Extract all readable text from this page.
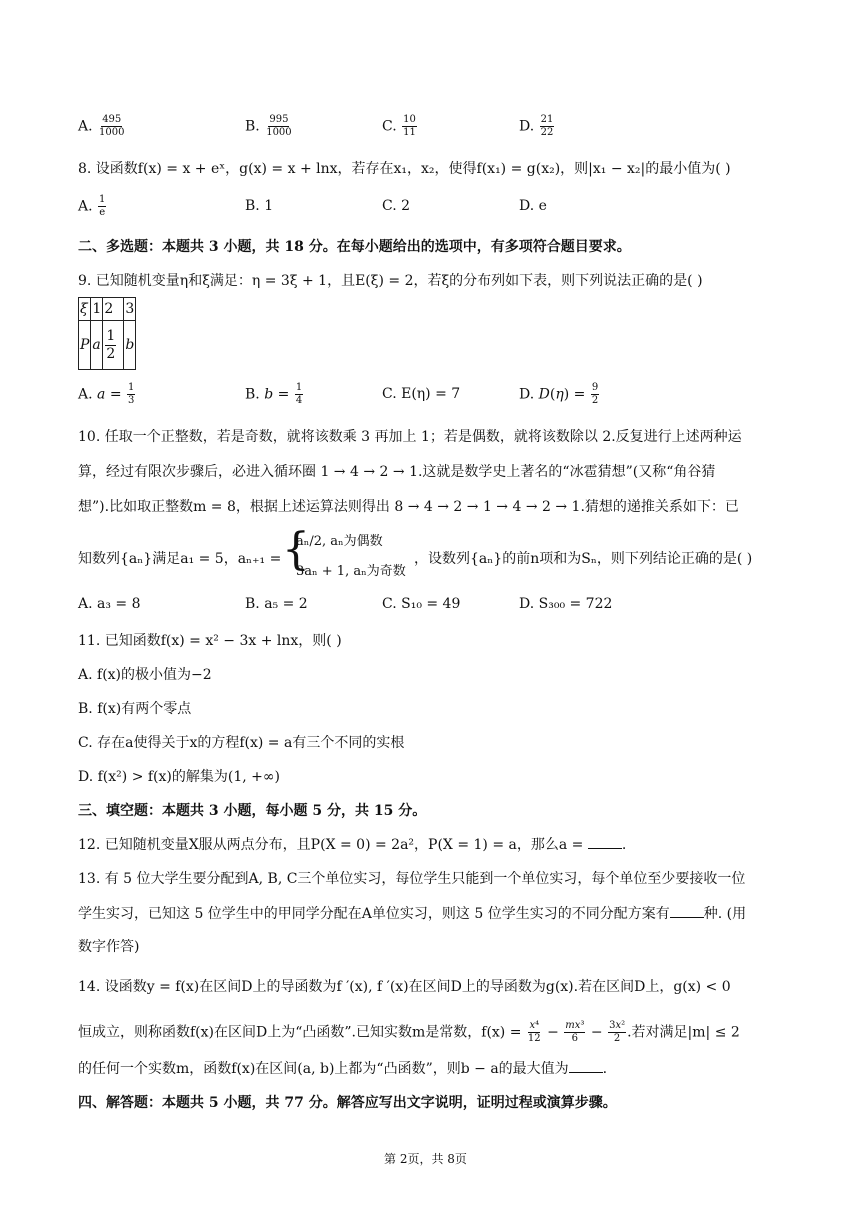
A. $\frac{495}{1000}$	B. $\frac{995}{1000}$	C. $\frac{10}{11}$	D. $\frac{21}{22}$
8. 设函数f(x) = x + eˣ，g(x) = x + lnx，若存在x₁，x₂，使得f(x₁) = g(x₂)，则|x₁ − x₂|的最小值为( )
A. $\frac{1}{e}$	B. 1	C. 2	D. e
二、多选题：本题共 3 小题，共 18 分。在每小题给出的选项中，有多项符合题目要求。
9. 已知随机变量η和ξ满足：η = 3ξ + 1，且E(ξ) = 2，若ξ的分布列如下表，则下列说法正确的是( )
ξ	1	2	3
P	a	$\frac{1}{2}$	b
A. $a = \frac{1}{3}$	B. $b = \frac{1}{4}$	C. E(η) = 7	D. $D(\eta) = \frac{9}{2}$
10. 任取一个正整数，若是奇数，就将该数乘 3 再加上 1；若是偶数，就将该数除以 2.反复进行上述两种运
算，经过有限次步骤后，必进入循环圈 1 → 4 → 2 → 1.这就是数学史上著名的“冰雹猜想”(又称“角谷猜
想”).比如取正整数m = 8，根据上述运算法则得出 8 → 4 → 2 → 1 → 4 → 2 → 1.猜想的递推关系如下：已
知数列{aₙ}满足a₁ = 5，aₙ₊₁ = {
aₙ/2, aₙ为偶数
3aₙ + 1, aₙ为奇数
，设数列{aₙ}的前n项和为Sₙ，则下列结论正确的是( )
A. a₃ = 8	B. a₅ = 2	C. S₁₀ = 49	D. S₃₀₀ = 722
11. 已知函数f(x) = x² − 3x + lnx，则( )
A. f(x)的极小值为−2
B. f(x)有两个零点
C. 存在a使得关于x的方程f(x) = a有三个不同的实根
D. f(x²) > f(x)的解集为(1, +∞)
三、填空题：本题共 3 小题，每小题 5 分，共 15 分。
12. 已知随机变量X服从两点分布，且P(X = 0) = 2a²，P(X = 1) = a，那么a =	.
13. 有 5 位大学生要分配到A, B, C三个单位实习，每位学生只能到一个单位实习，每个单位至少要接收一位
学生实习，已知这 5 位学生中的甲同学分配在A单位实习，则这 5 位学生实习的不同分配方案有 种. (用
数字作答)
14. 设函数y = f(x)在区间D上的导函数为f ′(x), f ′(x)在区间D上的导函数为g(x).若在区间D上，g(x) < 0
恒成立，则称函数f(x)在区间D上为“凸函数”.已知实数m是常数，$f(x) = \frac{\text{x⁴}}{12} - \frac{\text{mx³}}{6} - \frac{\text{3x²}}{2}$ .若对满足|m| ≤ 2
的任何一个实数m，函数f(x)在区间(a, b)上都为“凸函数”，则b − a的最大值为 .
四、解答题：本题共 5 小题，共 77 分。解答应写出文字说明，证明过程或演算步骤。
第 2页，共 8页
